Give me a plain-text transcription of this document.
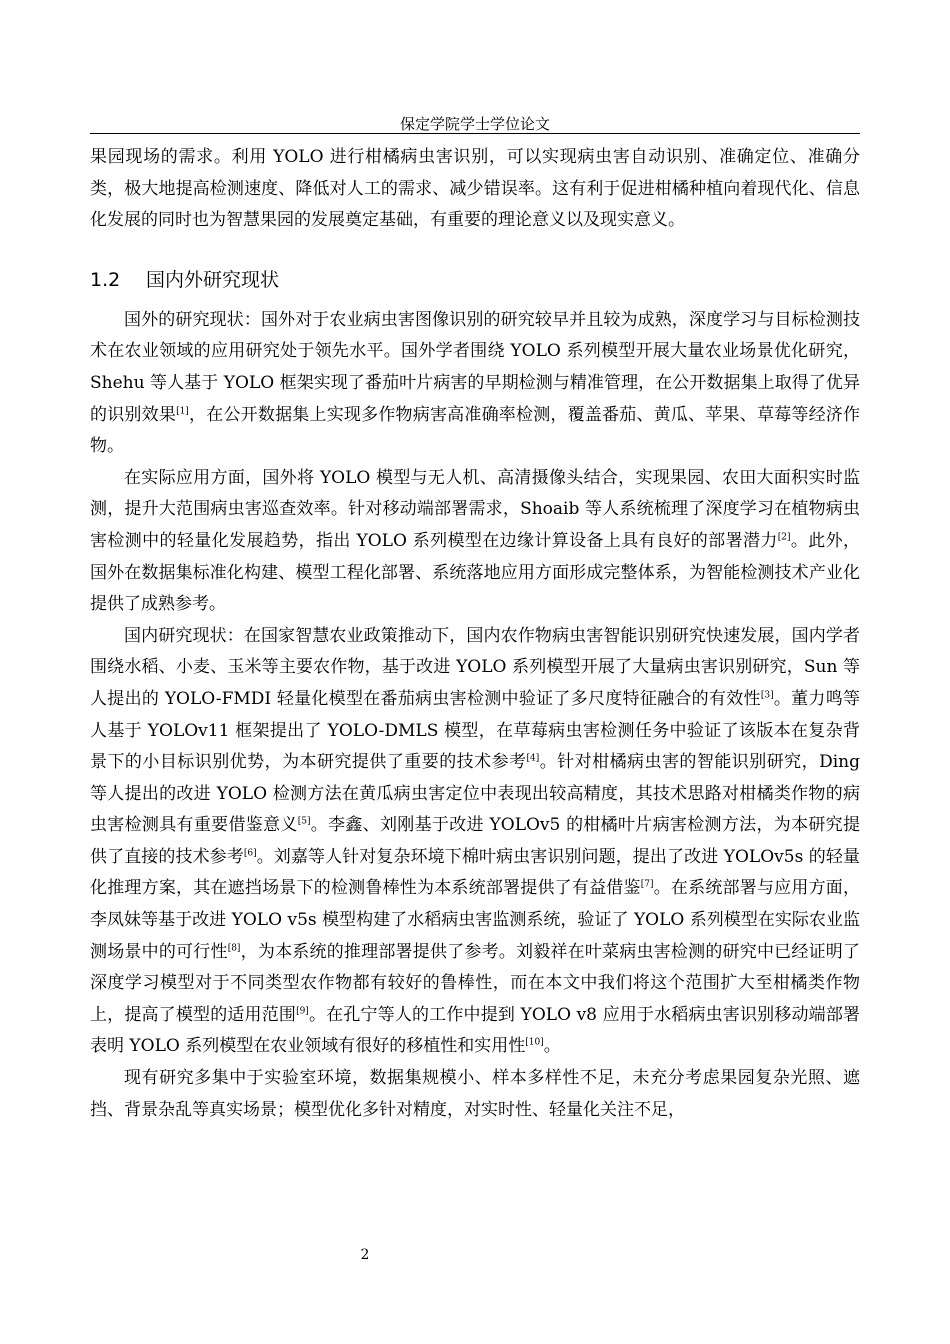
保定学院学士学位论文

果园现场的需求。利用 YOLO 进行柑橘病虫害识别，可以实现病虫害自动识别、准确定位、准确分类，极大地提高检测速度、降低对人工的需求、减少错误率。这有利于促进柑橘种植向着现代化、信息化发展的同时也为智慧果园的发展奠定基础，有重要的理论意义以及现实意义。

1.2 国内外研究现状

国外的研究现状：国外对于农业病虫害图像识别的研究较早并且较为成熟，深度学习与目标检测技术在农业领域的应用研究处于领先水平。国外学者围绕 YOLO 系列模型开展大量农业场景优化研究，Shehu 等人基于 YOLO 框架实现了番茄叶片病害的早期检测与精准管理，在公开数据集上取得了优异的识别效果[1]，在公开数据集上实现多作物病害高准确率检测，覆盖番茄、黄瓜、苹果、草莓等经济作物。

在实际应用方面，国外将 YOLO 模型与无人机、高清摄像头结合，实现果园、农田大面积实时监测，提升大范围病虫害巡查效率。针对移动端部署需求，Shoaib 等人系统梳理了深度学习在植物病虫害检测中的轻量化发展趋势，指出 YOLO 系列模型在边缘计算设备上具有良好的部署潜力[2]。此外，国外在数据集标准化构建、模型工程化部署、系统落地应用方面形成完整体系，为智能检测技术产业化提供了成熟参考。

国内研究现状：在国家智慧农业政策推动下，国内农作物病虫害智能识别研究快速发展，国内学者围绕水稻、小麦、玉米等主要农作物，基于改进 YOLO 系列模型开展了大量病虫害识别研究，Sun 等人提出的 YOLO-FMDI 轻量化模型在番茄病虫害检测中验证了多尺度特征融合的有效性[3]。董力鸣等人基于 YOLOv11 框架提出了 YOLO-DMLS 模型，在草莓病虫害检测任务中验证了该版本在复杂背景下的小目标识别优势，为本研究提供了重要的技术参考[4]。针对柑橘病虫害的智能识别研究，Ding 等人提出的改进 YOLO 检测方法在黄瓜病虫害定位中表现出较高精度，其技术思路对柑橘类作物的病虫害检测具有重要借鉴意义[5]。李鑫、刘刚基于改进 YOLOv5 的柑橘叶片病害检测方法，为本研究提供了直接的技术参考[6]。刘嘉等人针对复杂环境下棉叶病虫害识别问题，提出了改进 YOLOv5s 的轻量化推理方案，其在遮挡场景下的检测鲁棒性为本系统部署提供了有益借鉴[7]。在系统部署与应用方面，李凤妹等基于改进 YOLO v5s 模型构建了水稻病虫害监测系统，验证了 YOLO 系列模型在实际农业监测场景中的可行性[8]，为本系统的推理部署提供了参考。刘毅祥在叶菜病虫害检测的研究中已经证明了深度学习模型对于不同类型农作物都有较好的鲁棒性，而在本文中我们将这个范围扩大至柑橘类作物上，提高了模型的适用范围[9]。在孔宁等人的工作中提到 YOLO v8 应用于水稻病虫害识别移动端部署表明 YOLO 系列模型在农业领域有很好的移植性和实用性[10]。

现有研究多集中于实验室环境，数据集规模小、样本多样性不足，未充分考虑果园复杂光照、遮挡、背景杂乱等真实场景；模型优化多针对精度，对实时性、轻量化关注不足，

2
